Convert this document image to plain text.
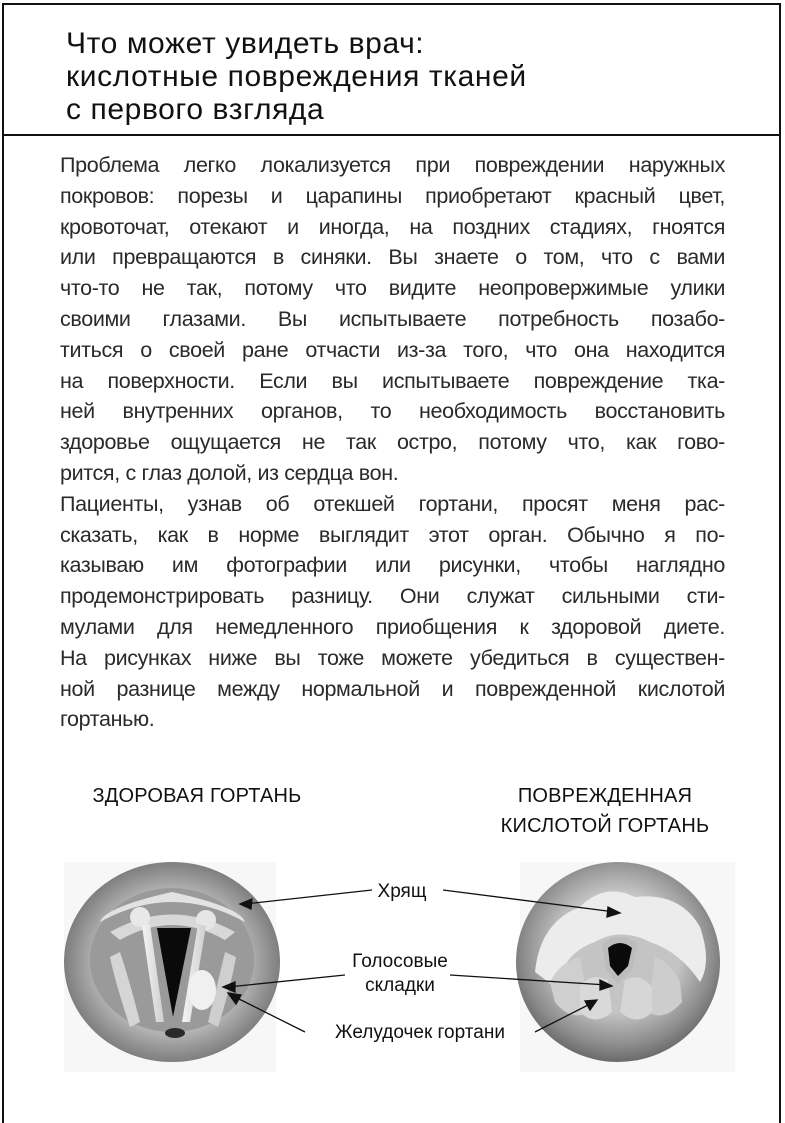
Что может увидеть врач:
кислотные повреждения тканей
с первого взгляда

Проблема легко локализуется при повреждении наружных
покровов: порезы и царапины приобретают красный цвет,
кровоточат, отекают и иногда, на поздних стадиях, гноятся
или превращаются в синяки. Вы знаете о том, что с вами
что-то не так, потому что видите неопровержимые улики
своими глазами. Вы испытываете потребность позабо-
титься о своей ране отчасти из-за того, что она находится
на поверхности. Если вы испытываете повреждение тка-
ней внутренних органов, то необходимость восстановить
здоровье ощущается не так остро, потому что, как гово-
рится, с глаз долой, из сердца вон.

Пациенты, узнав об отекшей гортани, просят меня рас-
сказать, как в норме выглядит этот орган. Обычно я по-
казываю им фотографии или рисунки, чтобы наглядно
продемонстрировать разницу. Они служат сильными сти-
мулами для немедленного приобщения к здоровой диете.
На рисунках ниже вы тоже можете убедиться в существен-
ной разнице между нормальной и поврежденной кислотой
гортанью.

ЗДОРОВАЯ ГОРТАНЬ	ПОВРЕЖДЕННАЯ
КИСЛОТОЙ ГОРТАНЬ
Хрящ
Голосовые
складки
Желудочек гортани
